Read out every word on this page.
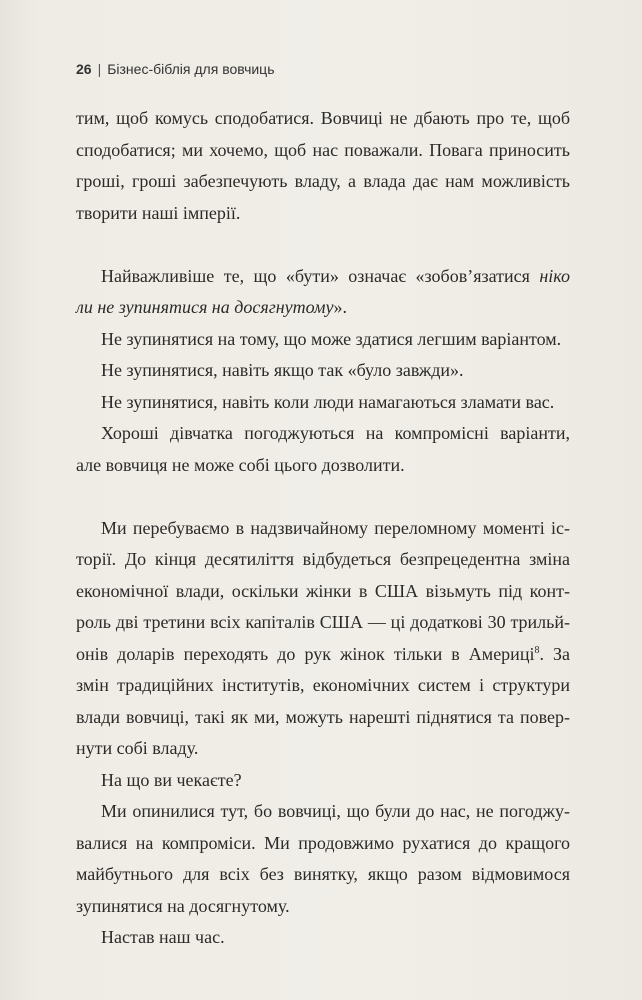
26 | Бізнес-біблія для вовчиць
тим, щоб комусь сподобатися. Вовчиці не дбають про те, щоб
сподобатися; ми хочемо, щоб нас поважали. Повага приносить
гроші, гроші забезпечують владу, а влада дає нам можливість
творити наші імперії.
Найважливіше те, що «бути» означає «зобов’язатися ніко
ли не зупинятися на досягнутому».
Не зупинятися на тому, що може здатися легшим варіантом.
Не зупинятися, навіть якщо так «було завжди».
Не зупинятися, навіть коли люди намагаються зламати вас.
Хороші дівчатка погоджуються на компромісні варіанти,
але вовчиця не може собі цього дозволити.
Ми перебуваємо в надзвичайному переломному моменті іс-
торії. До кінця десятиліття відбудеться безпрецедентна зміна
економічної влади, оскільки жінки в США візьмуть під конт-
роль дві третини всіх капіталів США — ці додаткові 30 трильй-
онів доларів переходять до рук жінок тільки в Америці$^8$. За
змін традиційних інститутів, економічних систем і структури
влади вовчиці, такі як ми, можуть нарешті піднятися та повер-
нути собі владу.
На що ви чекаєте?
Ми опинилися тут, бо вовчиці, що були до нас, не погоджу-
валися на компроміси. Ми продовжимо рухатися до кращого
майбутнього для всіх без винятку, якщо разом відмовимося
зупинятися на досягнутому.
Настав наш час.
